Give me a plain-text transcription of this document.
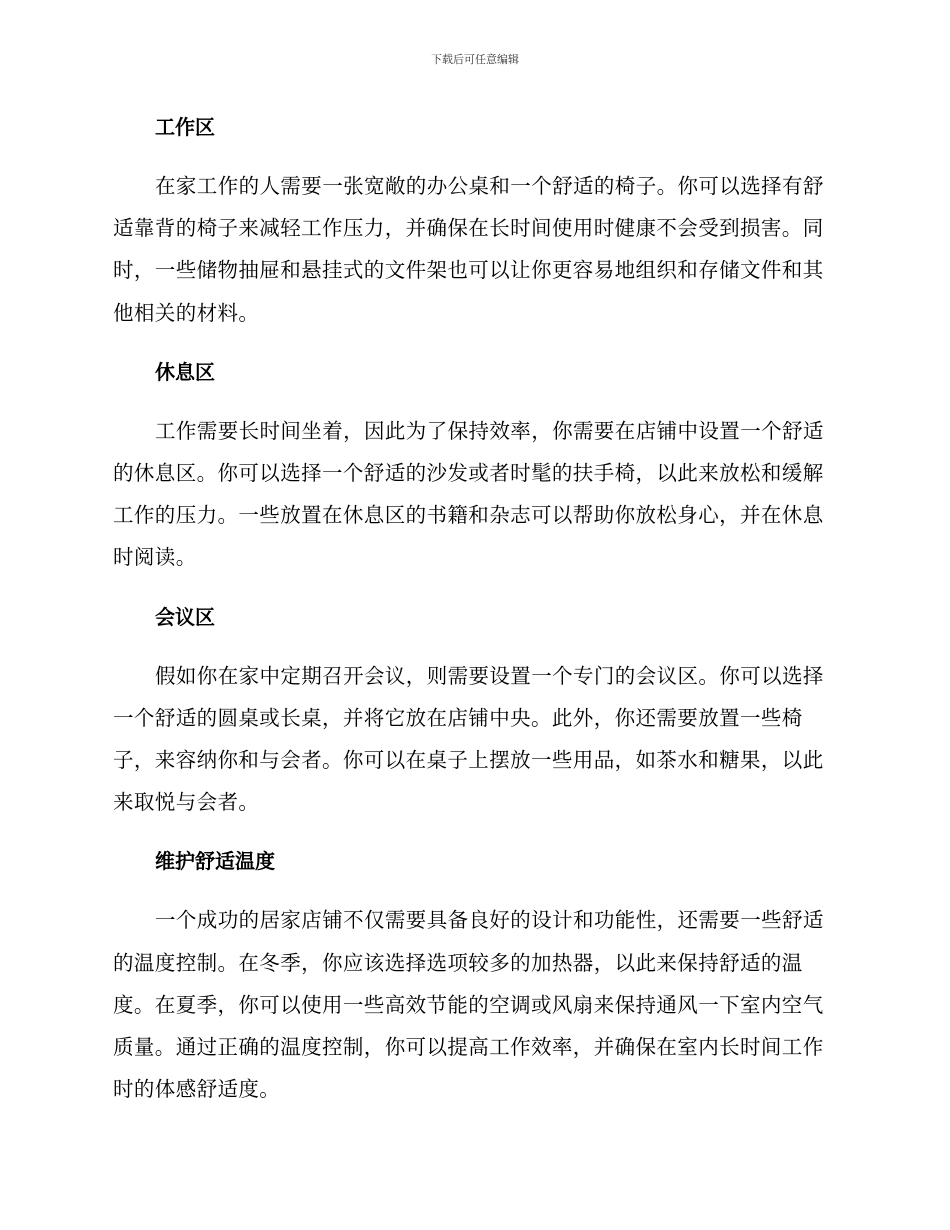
下载后可任意编辑
工作区

在家工作的人需要一张宽敞的办公桌和一个舒适的椅子。你可以选择有舒适靠背的椅子来减轻工作压力，并确保在长时间使用时健康不会受到损害。同时，一些储物抽屉和悬挂式的文件架也可以让你更容易地组织和存储文件和其他相关的材料。

休息区

工作需要长时间坐着，因此为了保持效率，你需要在店铺中设置一个舒适的休息区。你可以选择一个舒适的沙发或者时髦的扶手椅，以此来放松和缓解工作的压力。一些放置在休息区的书籍和杂志可以帮助你放松身心，并在休息时阅读。

会议区

假如你在家中定期召开会议，则需要设置一个专门的会议区。你可以选择一个舒适的圆桌或长桌，并将它放在店铺中央。此外，你还需要放置一些椅子，来容纳你和与会者。你可以在桌子上摆放一些用品，如茶水和糖果，以此来取悦与会者。

维护舒适温度

一个成功的居家店铺不仅需要具备良好的设计和功能性，还需要一些舒适的温度控制。在冬季，你应该选择选项较多的加热器，以此来保持舒适的温度。在夏季，你可以使用一些高效节能的空调或风扇来保持通风一下室内空气质量。通过正确的温度控制，你可以提高工作效率，并确保在室内长时间工作时的体感舒适度。
